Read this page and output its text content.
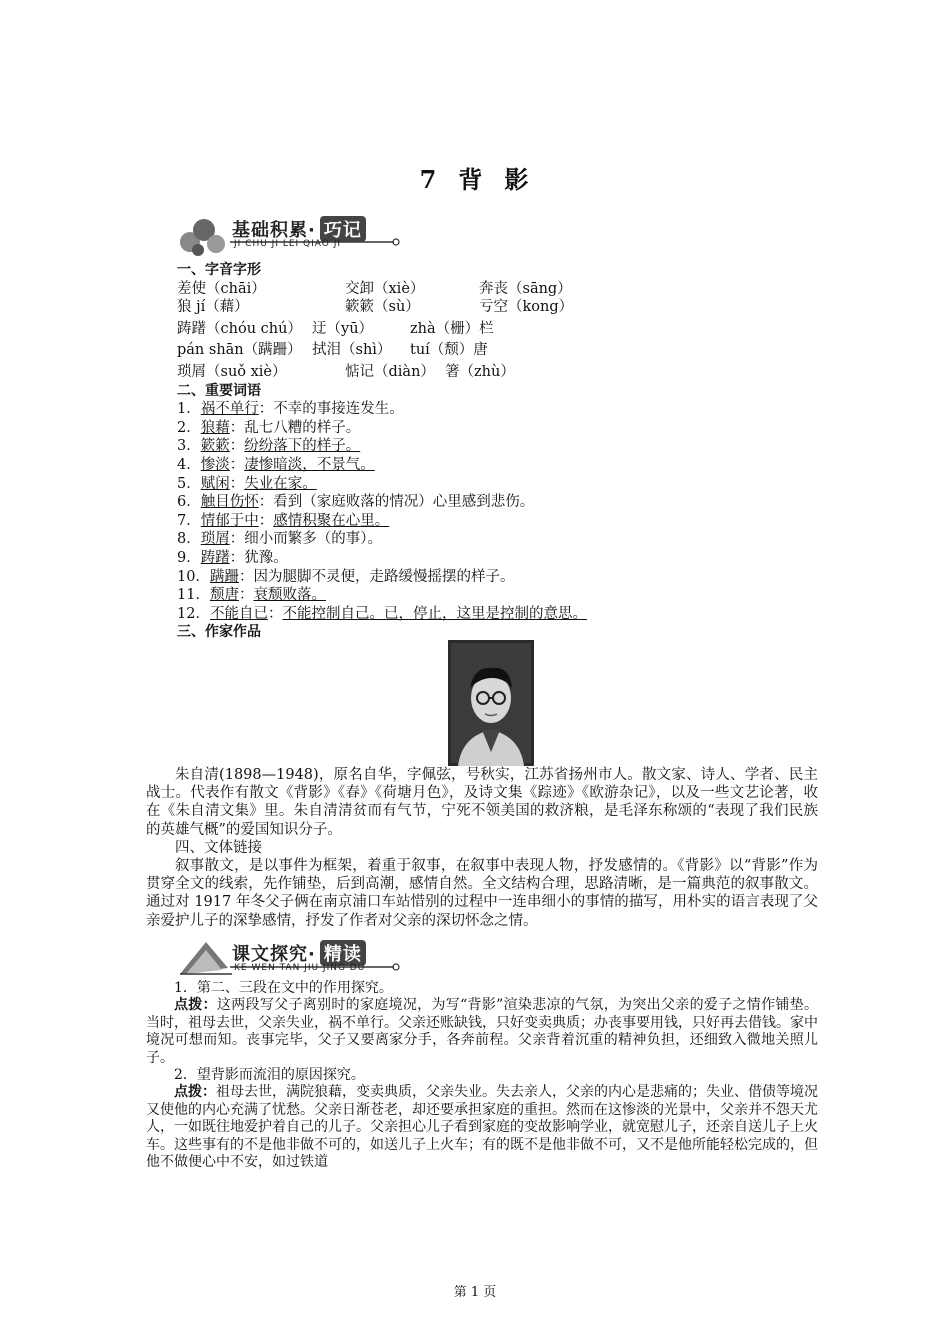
7 背 影
基础积累· 巧记
JI CHU JI LEI QIAO JI
一、字音字形
差使（chāi）	交卸（xiè）	奔丧（sāng）
狼 jí（藉）	簌簌（sù）	亏空（kong）
踌躇（chóu chú） 迂（yū）	zhà（栅）栏
pán shān（蹒跚） 拭泪（shì）	tuí（颓）唐
琐屑（suǒ xiè）	惦记（diàn） 箸（zhù）
二、重要词语
1．祸不单行：不幸的事接连发生。
2．狼藉：乱七八糟的样子。
3．簌簌：纷纷落下的样子。
4．惨淡：凄惨暗淡，不景气。
5．赋闲：失业在家。
6．触目伤怀：看到（家庭败落的情况）心里感到悲伤。
7．情郁于中：感情积聚在心里。
8．琐屑：细小而繁多（的事）。
9．踌躇：犹豫。
10．蹒跚：因为腿脚不灵便，走路缓慢摇摆的样子。
11．颓唐：衰颓败落。
12．不能自已：不能控制自己。已，停止，这里是控制的意思。
三、作家作品
朱自清(1898—1948)，原名自华，字佩弦，号秋实，江苏省扬州市人。散文家、诗人、学者、民主战士。代表作有散文《背影》《春》《荷塘月色》，及诗文集《踪迹》《欧游杂记》，以及一些文艺论著，收在《朱自清文集》里。朱自清清贫而有气节，宁死不领美国的救济粮，是毛泽东称颂的“表现了我们民族的英雄气概”的爱国知识分子。
四、文体链接
叙事散文，是以事件为框架，着重于叙事，在叙事中表现人物，抒发感情的。《背影》以“背影”作为贯穿全文的线索，先作铺垫，后到高潮，感情自然。全文结构合理，思路清晰，是一篇典范的叙事散文。通过对 1917 年冬父子俩在南京浦口车站惜别的过程中一连串细小的事情的描写，用朴实的语言表现了父亲爱护儿子的深挚感情，抒发了作者对父亲的深切怀念之情。
课文探究· 精读
KE WEN TAN JIU JING DU
1．第二、三段在文中的作用探究。
点拨：这两段写父子离别时的家庭境况，为写“背影”渲染悲凉的气氛，为突出父亲的爱子之情作铺垫。当时，祖母去世，父亲失业，祸不单行。父亲还账缺钱，只好变卖典质；办丧事要用钱，只好再去借钱。家中境况可想而知。丧事完毕，父子又要离家分手，各奔前程。父亲背着沉重的精神负担，还细致入微地关照儿子。
2．望背影而流泪的原因探究。
点拨：祖母去世，满院狼藉，变卖典质，父亲失业。失去亲人，父亲的内心是悲痛的；失业、借债等境况又使他的内心充满了忧愁。父亲日渐苍老，却还要承担家庭的重担。然而在这惨淡的光景中，父亲并不怨天尤人，一如既往地爱护着自己的儿子。父亲担心儿子看到家庭的变故影响学业，就宽慰儿子，还亲自送儿子上火车。这些事有的不是他非做不可的，如送儿子上火车；有的既不是他非做不可，又不是他所能轻松完成的，但他不做便心中不安，如过铁道
第 1 页
